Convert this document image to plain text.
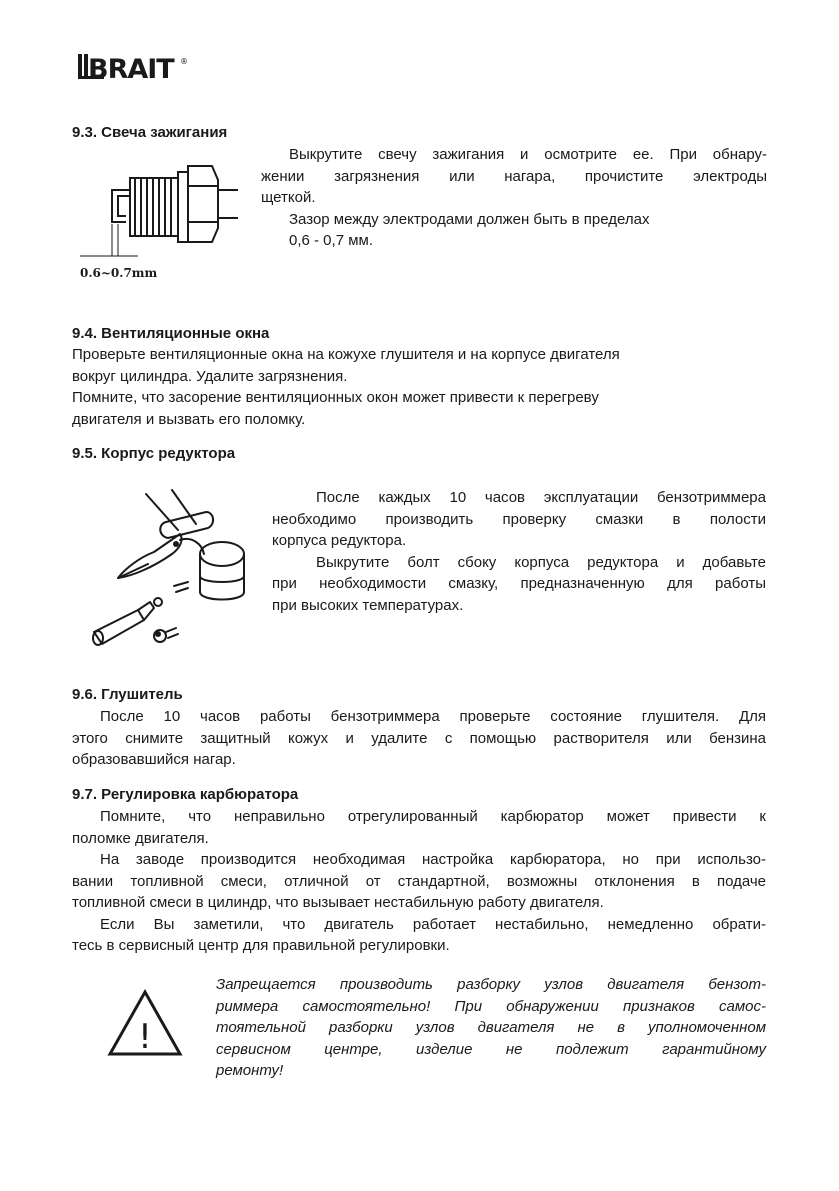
BRAIT ®
9.3. Свеча зажигания
0.6~0.7mm
Выкрутите свечу зажигания и осмотрите ее. При обнару-
жении загрязнения или нагара, прочистите электроды
щеткой.
Зазор между электродами должен быть в пределах
0,6 - 0,7 мм.
9.4. Вентиляционные окна
Проверьте вентиляционные окна на кожухе глушителя и на корпусе двигателя
вокруг цилиндра. Удалите загрязнения.
Помните, что засорение вентиляционных окон может привести к перегреву
двигателя и вызвать его поломку.
9.5. Корпус редуктора
После каждых 10 часов эксплуатации бензотриммера
необходимо производить проверку смазки в полости
корпуса редуктора.
Выкрутите болт сбоку корпуса редуктора и добавьте
при необходимости смазку, предназначенную для работы
при высоких температурах.
9.6. Глушитель
После 10 часов работы бензотриммера проверьте состояние глушителя. Для
этого снимите защитный кожух и удалите с помощью растворителя или бензина
образовавшийся нагар.
9.7. Регулировка карбюратора
Помните, что неправильно отрегулированный карбюратор может привести к
поломке двигателя.
На заводе производится необходимая настройка карбюратора, но при использо-
вании топливной смеси, отличной от стандартной, возможны отклонения в подаче
топливной смеси в цилиндр, что вызывает нестабильную работу двигателя.
Если Вы заметили, что двигатель работает нестабильно, немедленно обрати-
тесь в сервисный центр для правильной регулировки.
!
Запрещается производить разборку узлов двигателя бензот-
риммера самостоятельно! При обнаружении признаков самос-
тоятельной разборки узлов двигателя не в уполномоченном
сервисном центре, изделие не подлежит гарантийному
ремонту!
